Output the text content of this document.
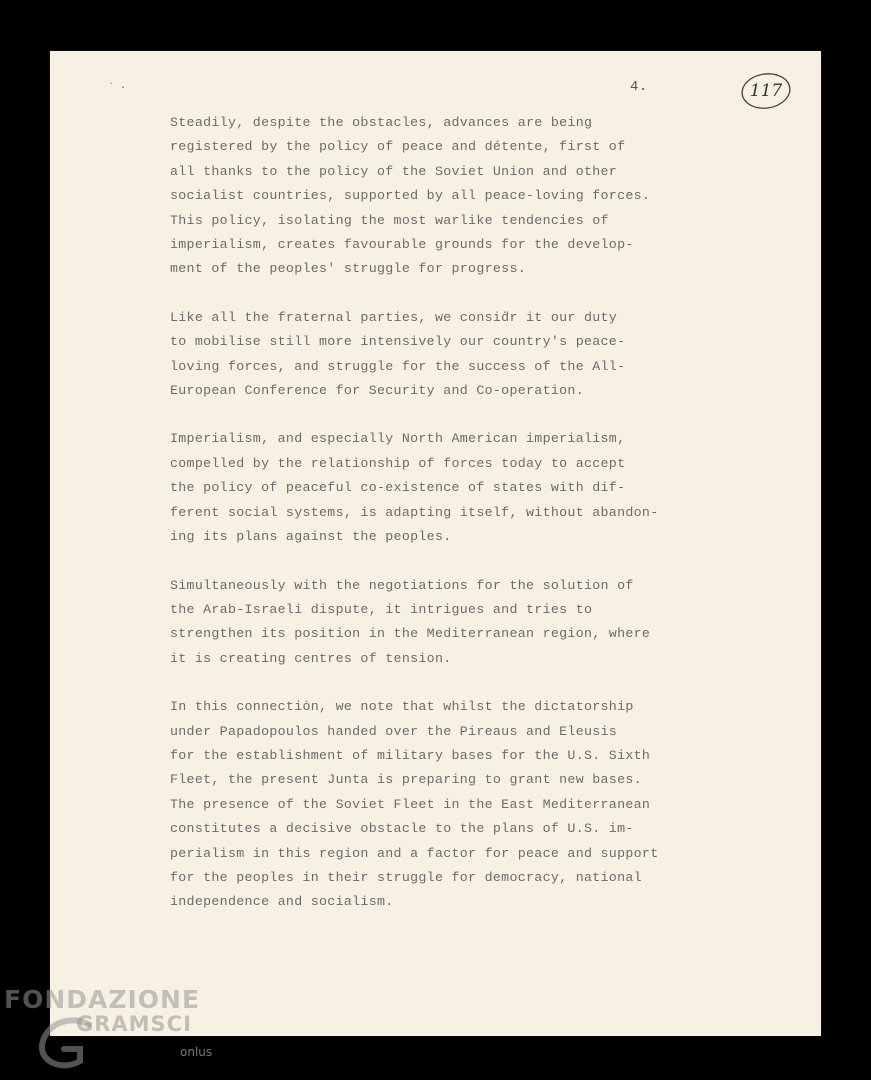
` ·	4.	117
Steadily, despite the obstacles, advances are being
registered by the policy of peace and détente, first of
all thanks to the policy of the Soviet Union and other
socialist countries, supported by all peace-loving forces.
This policy, isolating the most warlike tendencies of
imperialism, creates favourable grounds for the develop-
ment of the peoples' struggle for progress.
Like all the fraternal parties, we consiḋr it our duty
to mobilise still more intensively our country's peace-
loving forces, and struggle for the success of the All-
European Conference for Security and Co-operation.
Imperialism, and especially North American imperialism,
compelled by the relationship of forces today to accept
the policy of peaceful co-existence of states with dif-
ferent social systems, is adapting itself, without abandon-
ing its plans against the peoples.
Simultaneously with the negotiations for the solution of
the Arab-Israeli dispute, it intrigues and tries to
strengthen its position in the Mediterranean region, where
it is creating centres of tension.
In this connectiȯn, we note that whilst the dictatorship
under Papadopoulos handed over the Pireaus and Eleusis
for the establishment of military bases for the U.S. Sixth
Fleet, the present Junta is preparing to grant new bases.
The presence of the Soviet Fleet in the East Mediterranean
constitutes a decisive obstacle to the plans of U.S. im-
perialism in this region and a factor for peace and support
for the peoples in their struggle for democracy, national
independence and socialism.
FONDAZIONE
GRAMSCI
onlus
